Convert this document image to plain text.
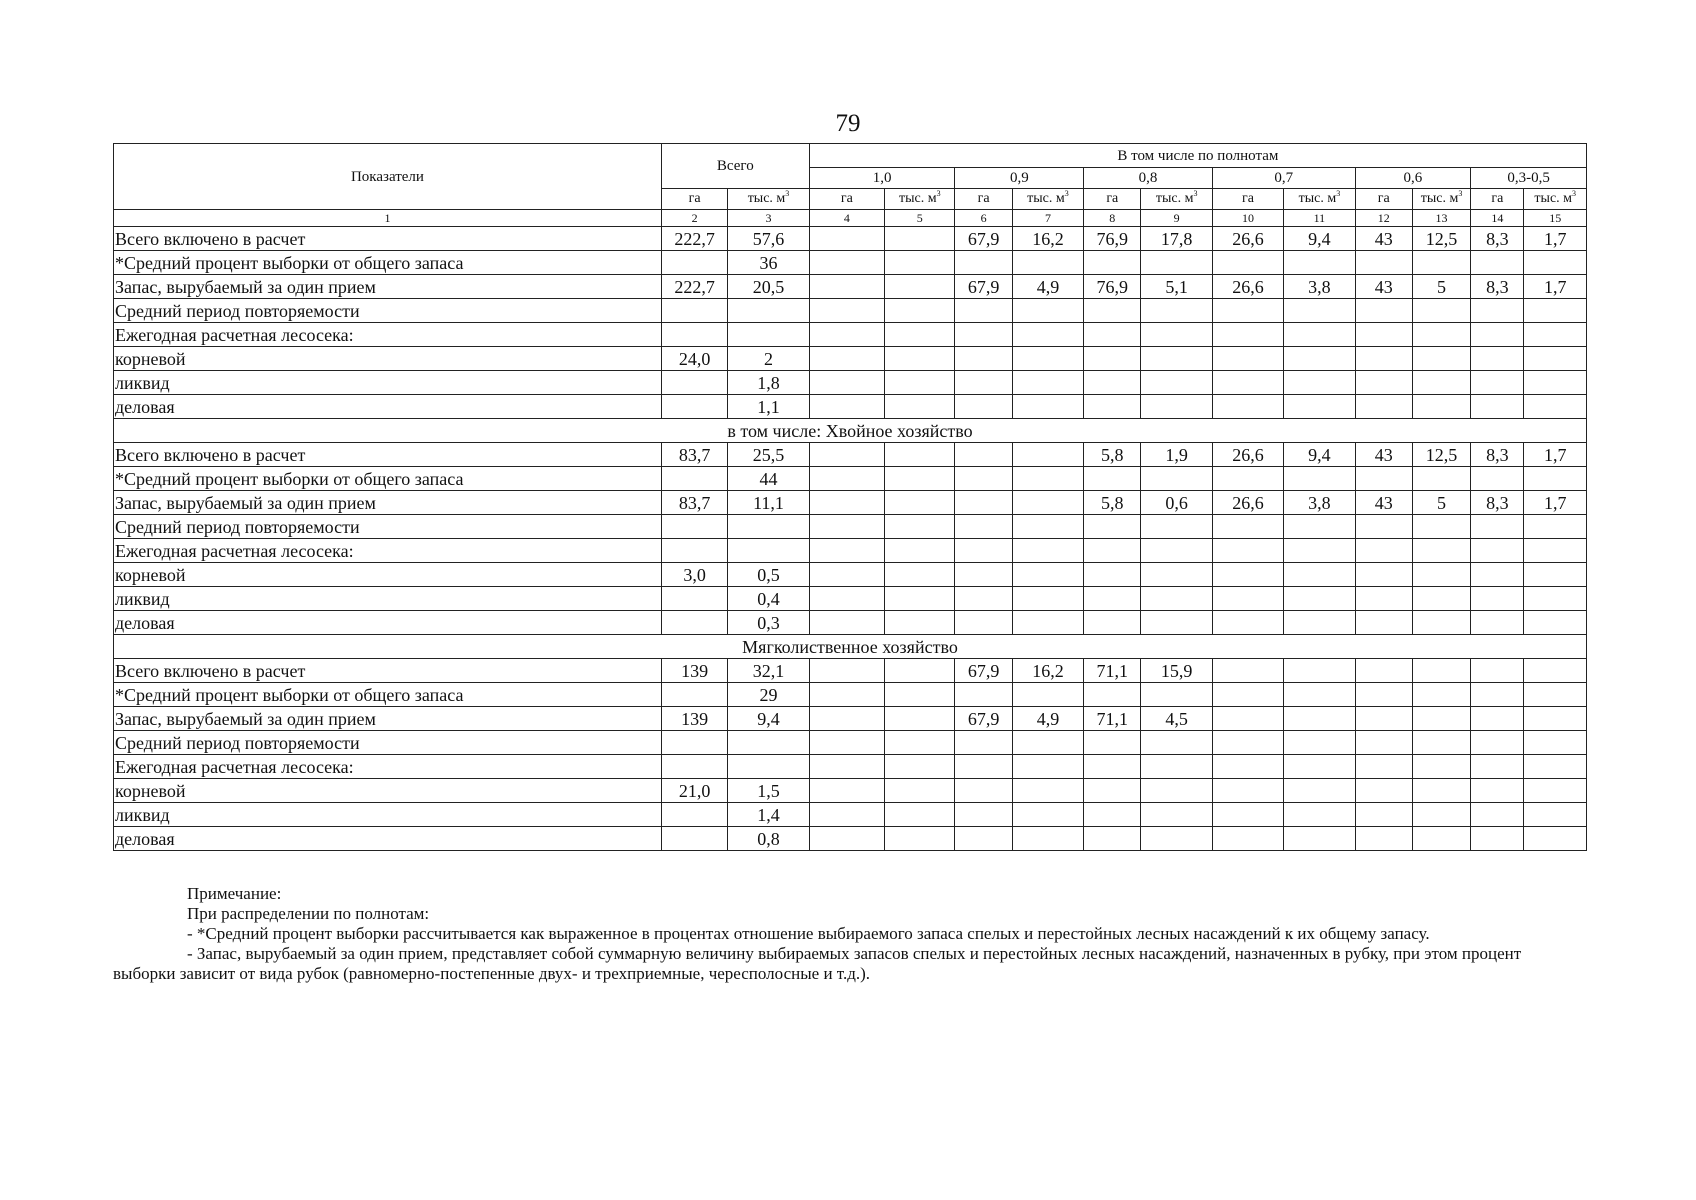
79
Показатели	Всего		В том числе по полнотам											
			1,0		0,9		0,8		0,7		0,6		0,3-0,5	
	га	тыс. $м^3$	га	тыс. $м^3$	га	тыс. $м^3$	га	тыс. $м^3$	га	тыс. $м^3$	га	тыс. $м^3$	га	тыс. $м^3$
1	2	3	4	5	6	7	8	9	10	11	12	13	14	15
Всего включено в расчет	222,7	57,6			67,9	16,2	76,9	17,8	26,6	9,4	43	12,5	8,3	1,7
*Средний процент выборки от общего запаса		36												
Запас, вырубаемый за один прием	222,7	20,5			67,9	4,9	76,9	5,1	26,6	3,8	43	5	8,3	1,7
Средний период повторяемости														
Ежегодная расчетная лесосека:														
корневой	24,0	2												
ликвид		1,8												
деловая		1,1												
в том числе: Хвойное хозяйство														
Всего включено в расчет	83,7	25,5					5,8	1,9	26,6	9,4	43	12,5	8,3	1,7
*Средний процент выборки от общего запаса		44												
Запас, вырубаемый за один прием	83,7	11,1					5,8	0,6	26,6	3,8	43	5	8,3	1,7
Средний период повторяемости														
Ежегодная расчетная лесосека:														
корневой	3,0	0,5												
ликвид		0,4												
деловая		0,3												
Мягколиственное хозяйство														
Всего включено в расчет	139	32,1			67,9	16,2	71,1	15,9						
*Средний процент выборки от общего запаса		29												
Запас, вырубаемый за один прием	139	9,4			67,9	4,9	71,1	4,5						
Средний период повторяемости														
Ежегодная расчетная лесосека:														
корневой	21,0	1,5												
ликвид		1,4												
деловая		0,8												

Примечание:

При распределении по полнотам:

- *Средний процент выборки рассчитывается как выраженное в процентах отношение выбираемого запаса спелых и перестойных лесных насаждений к их общему запасу.

- Запас, вырубаемый за один прием, представляет собой суммарную величину выбираемых запасов спелых и перестойных лесных насаждений, назначенных в рубку, при этом процент выборки зависит от вида рубок (равномерно-постепенные двух- и трехприемные, чересполосные и т.д.).
